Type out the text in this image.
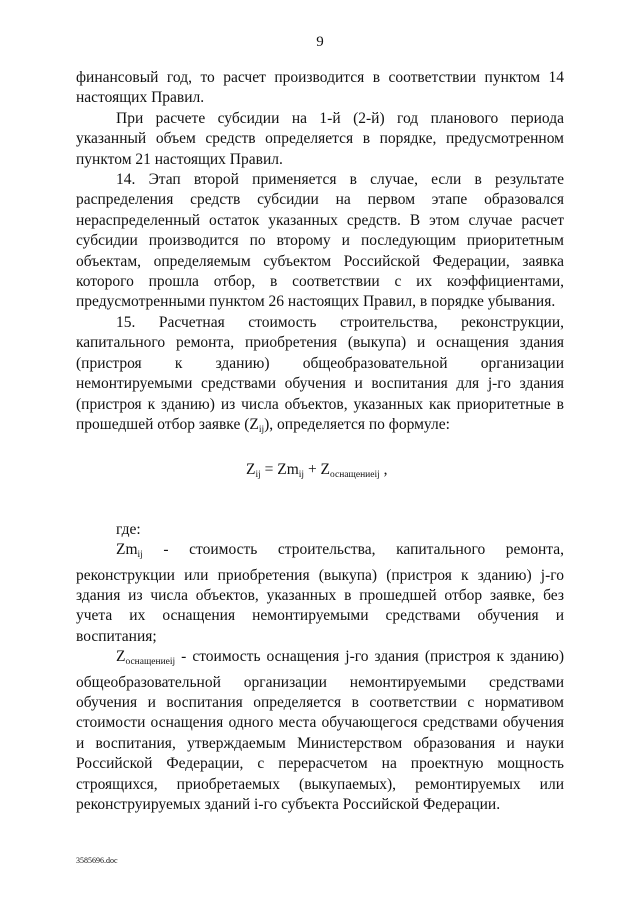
9

финансовый год, то расчет производится в соответствии пунктом 14 настоящих Правил.

При расчете субсидии на 1-й (2-й) год планового периода указанный объем средств определяется в порядке, предусмотренном пунктом 21 настоящих Правил.

14. Этап второй применяется в случае, если в результате распределения средств субсидии на первом этапе образовался нераспределенный остаток указанных средств. В этом случае расчет субсидии производится по второму и последующим приоритетным объектам, определяемым субъектом Российской Федерации, заявка которого прошла отбор, в соответствии с их коэффициентами, предусмотренными пунктом 26 настоящих Правил, в порядке убывания.

15. Расчетная стоимость строительства, реконструкции, капитального ремонта, приобретения (выкупа) и оснащения здания (пристроя к зданию) общеобразовательной организации немонтируемыми средствами обучения и воспитания для j-го здания (пристроя к зданию) из числа объектов, указанных как приоритетные в прошедшей отбор заявке $(Z_{ij})$, определяется по формуле:

$Z_{ij} = Zm_{ij} + Z_{оснащениеij}$ ,

где:

$Zm_{ij}$ - стоимость строительства, капитального ремонта, реконструкции или приобретения (выкупа) (пристроя к зданию) j-го здания из числа объектов, указанных в прошедшей отбор заявке, без учета их оснащения немонтируемыми средствами обучения и воспитания;

$Z_{оснащениеij}$ - стоимость оснащения j-го здания (пристроя к зданию) общеобразовательной организации немонтируемыми средствами обучения и воспитания определяется в соответствии с нормативом стоимости оснащения одного места обучающегося средствами обучения и воспитания, утверждаемым Министерством образования и науки Российской Федерации, с перерасчетом на проектную мощность строящихся, приобретаемых (выкупаемых), ремонтируемых или реконструируемых зданий i-го субъекта Российской Федерации.

3585696.doc
